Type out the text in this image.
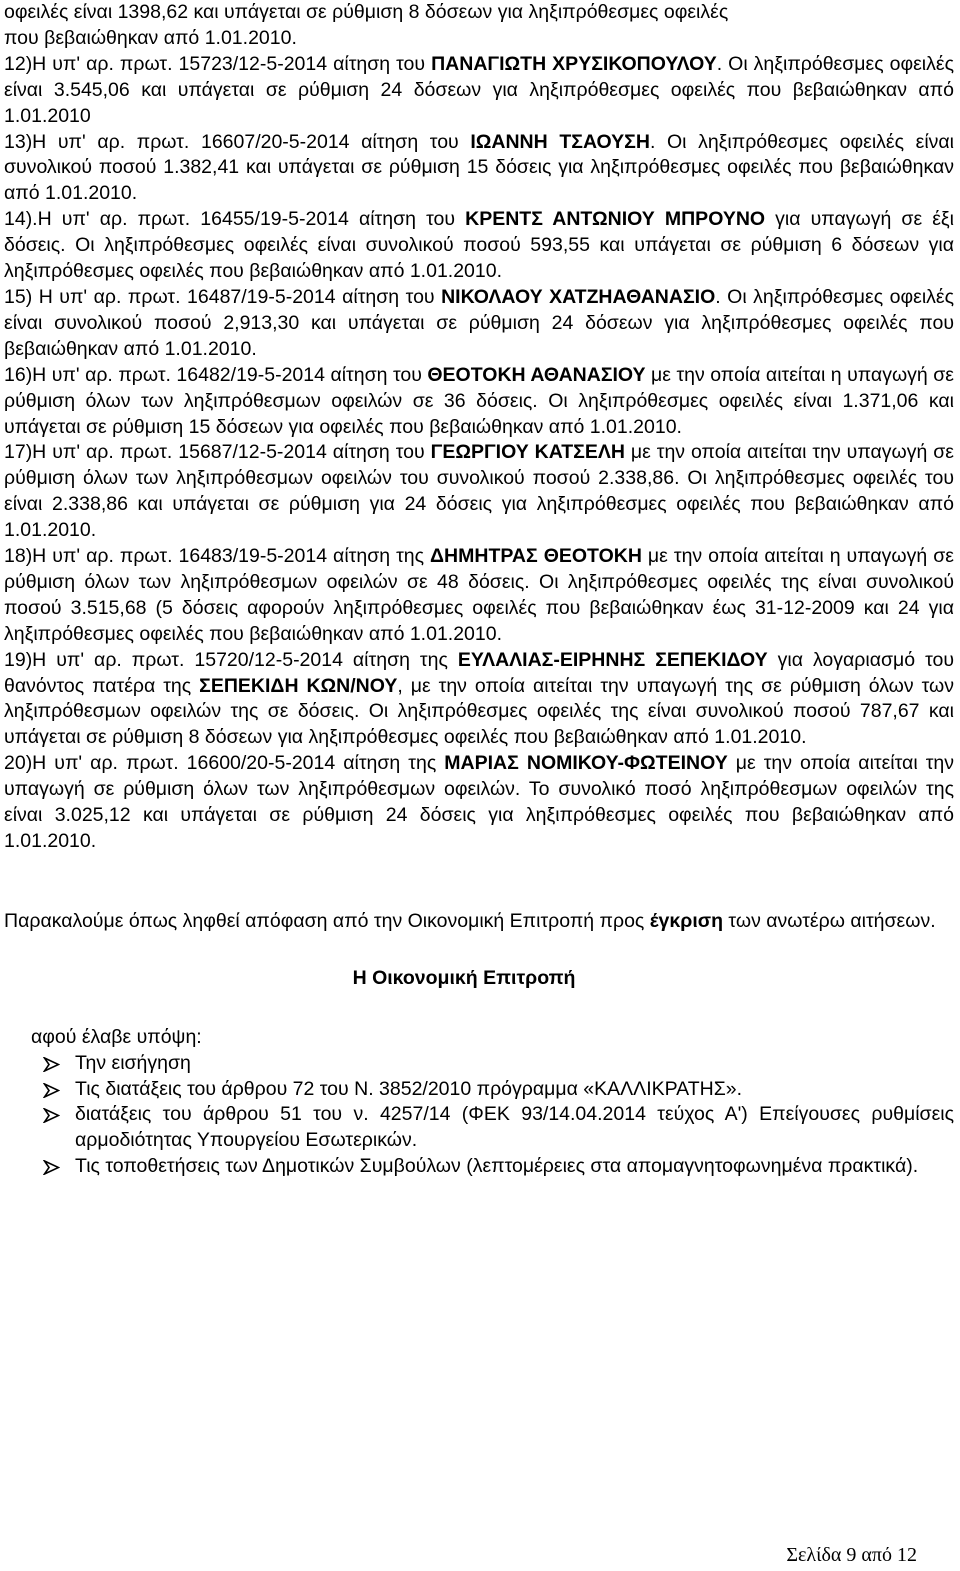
οφειλές είναι 1398,62 και υπάγεται σε ρύθμιση 8 δόσεων για ληξιπρόθεσμες οφειλές
που βεβαιώθηκαν από 1.01.2010.

12)Η υπ' αρ. πρωτ. 15723/12-5-2014 αίτηση του ΠΑΝΑΓΙΩΤΗ ΧΡΥΣΙΚΟΠΟΥΛΟΥ. Οι ληξιπρόθεσμες οφειλές είναι 3.545,06 και υπάγεται σε ρύθμιση 24 δόσεων για ληξιπρόθεσμες οφειλές που βεβαιώθηκαν από 1.01.2010

13)Η υπ' αρ. πρωτ. 16607/20-5-2014 αίτηση του ΙΩΑΝΝΗ ΤΣΑΟΥΣΗ. Οι ληξιπρόθεσμες οφειλές είναι συνολικού ποσού 1.382,41 και υπάγεται σε ρύθμιση 15 δόσεις για ληξιπρόθεσμες οφειλές που βεβαιώθηκαν από 1.01.2010.

14).Η υπ' αρ. πρωτ. 16455/19-5-2014 αίτηση του ΚΡΕΝΤΣ ΑΝΤΩΝΙΟΥ ΜΠΡΟΥΝΟ για υπαγωγή σε έξι δόσεις. Οι ληξιπρόθεσμες οφειλές είναι συνολικού ποσού 593,55 και υπάγεται σε ρύθμιση 6 δόσεων για ληξιπρόθεσμες οφειλές που βεβαιώθηκαν από 1.01.2010.

15) Η υπ' αρ. πρωτ. 16487/19-5-2014 αίτηση του ΝΙΚΟΛΑΟΥ ΧΑΤΖΗΑΘΑΝΑΣΙΟ. Οι ληξιπρόθεσμες οφειλές είναι συνολικού ποσού 2,913,30 και υπάγεται σε ρύθμιση 24 δόσεων για ληξιπρόθεσμες οφειλές που βεβαιώθηκαν από 1.01.2010.

16)Η υπ' αρ. πρωτ. 16482/19-5-2014 αίτηση του ΘΕΟΤΟΚΗ ΑΘΑΝΑΣΙΟΥ με την οποία αιτείται η υπαγωγή σε ρύθμιση όλων των ληξιπρόθεσμων οφειλών σε 36 δόσεις. Οι ληξιπρόθεσμες οφειλές είναι 1.371,06 και υπάγεται σε ρύθμιση 15 δόσεων για οφειλές που βεβαιώθηκαν από 1.01.2010.

17)Η υπ' αρ. πρωτ. 15687/12-5-2014 αίτηση του ΓΕΩΡΓΙΟΥ ΚΑΤΣΕΛΗ με την οποία αιτείται την υπαγωγή σε ρύθμιση όλων των ληξιπρόθεσμων οφειλών του συνολικού ποσού 2.338,86. Οι ληξιπρόθεσμες οφειλές του είναι 2.338,86 και υπάγεται σε ρύθμιση για 24 δόσεις για ληξιπρόθεσμες οφειλές που βεβαιώθηκαν από 1.01.2010.

18)Η υπ' αρ. πρωτ. 16483/19-5-2014 αίτηση της ΔΗΜΗΤΡΑΣ ΘΕΟΤΟΚΗ με την οποία αιτείται η υπαγωγή σε ρύθμιση όλων των ληξιπρόθεσμων οφειλών σε 48 δόσεις. Οι ληξιπρόθεσμες οφειλές της είναι συνολικού ποσού 3.515,68 (5 δόσεις αφορούν ληξιπρόθεσμες οφειλές που βεβαιώθηκαν έως 31-12-2009 και 24 για ληξιπρόθεσμες οφειλές που βεβαιώθηκαν από 1.01.2010.

19)Η υπ' αρ. πρωτ. 15720/12-5-2014 αίτηση της ΕΥΛΑΛΙΑΣ-ΕΙΡΗΝΗΣ ΣΕΠΕΚΙΔΟΥ για λογαριασμό του θανόντος πατέρα της ΣΕΠΕΚΙΔΗ ΚΩΝ/ΝΟΥ, με την οποία αιτείται την υπαγωγή της σε ρύθμιση όλων των ληξιπρόθεσμων οφειλών της σε δόσεις. Οι ληξιπρόθεσμες οφειλές της είναι συνολικού ποσού 787,67 και υπάγεται σε ρύθμιση 8 δόσεων για ληξιπρόθεσμες οφειλές που βεβαιώθηκαν από 1.01.2010.

20)Η υπ' αρ. πρωτ. 16600/20-5-2014 αίτηση της ΜΑΡΙΑΣ ΝΟΜΙΚΟΥ-ΦΩΤΕΙΝΟΥ με την οποία αιτείται την υπαγωγή σε ρύθμιση όλων των ληξιπρόθεσμων οφειλών. Το συνολικό ποσό ληξιπρόθεσμων οφειλών της είναι 3.025,12 και υπάγεται σε ρύθμιση 24 δόσεις για ληξιπρόθεσμες οφειλές που βεβαιώθηκαν από 1.01.2010.

Παρακαλούμε όπως ληφθεί απόφαση από την Οικονομική Επιτροπή προς έγκριση των ανωτέρω αιτήσεων.

Η Οικονομική Επιτροπή

αφού έλαβε υπόψη:

Την εισήγηση
Τις διατάξεις του άρθρου 72 του Ν. 3852/2010 πρόγραμμα «ΚΑΛΛΙΚΡΑΤΗΣ».
διατάξεις του άρθρου 51 του ν. 4257/14 (ΦΕΚ 93/14.04.2014 τεύχος Α') Επείγουσες ρυθμίσεις αρμοδιότητας Υπουργείου Εσωτερικών.
Τις τοποθετήσεις των Δημοτικών Συμβούλων (λεπτομέρειες στα απομαγνητοφωνημένα πρακτικά).
Σελίδα 9 από 12
